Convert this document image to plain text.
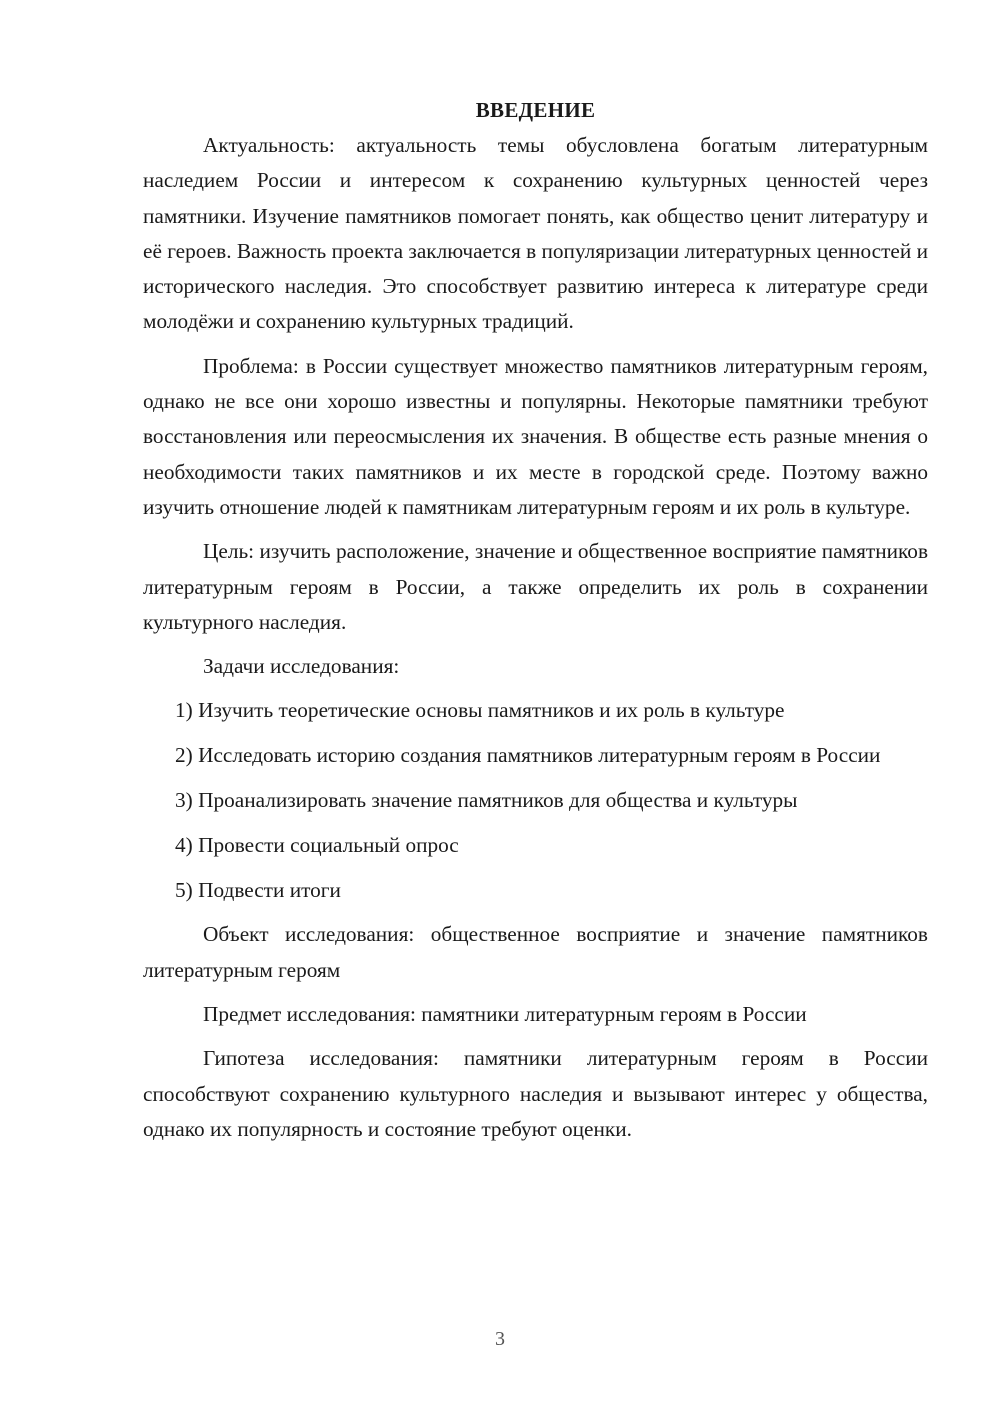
ВВЕДЕНИЕ

Актуальность: актуальность темы обусловлена богатым литературным наследием России и интересом к сохранению культурных ценностей через памятники. Изучение памятников помогает понять, как общество ценит литературу и её героев. Важность проекта заключается в популяризации литературных ценностей и исторического наследия. Это способствует развитию интереса к литературе среди молодёжи и сохранению культурных традиций.

Проблема: в России существует множество памятников литературным героям, однако не все они хорошо известны и популярны. Некоторые памятники требуют восстановления или переосмысления их значения. В обществе есть разные мнения о необходимости таких памятников и их месте в городской среде. Поэтому важно изучить отношение людей к памятникам литературным героям и их роль в культуре.

Цель: изучить расположение, значение и общественное восприятие памятников литературным героям в России, а также определить их роль в сохранении культурного наследия.

Задачи исследования:

1) Изучить теоретические основы памятников и их роль в культуре

2) Исследовать историю создания памятников литературным героям в России

3) Проанализировать значение памятников для общества и культуры

4) Провести социальный опрос

5) Подвести итоги

Объект исследования: общественное восприятие и значение памятников литературным героям

Предмет исследования: памятники литературным героям в России

Гипотеза исследования: памятники литературным героям в России способствуют сохранению культурного наследия и вызывают интерес у общества, однако их популярность и состояние требуют оценки.

3
